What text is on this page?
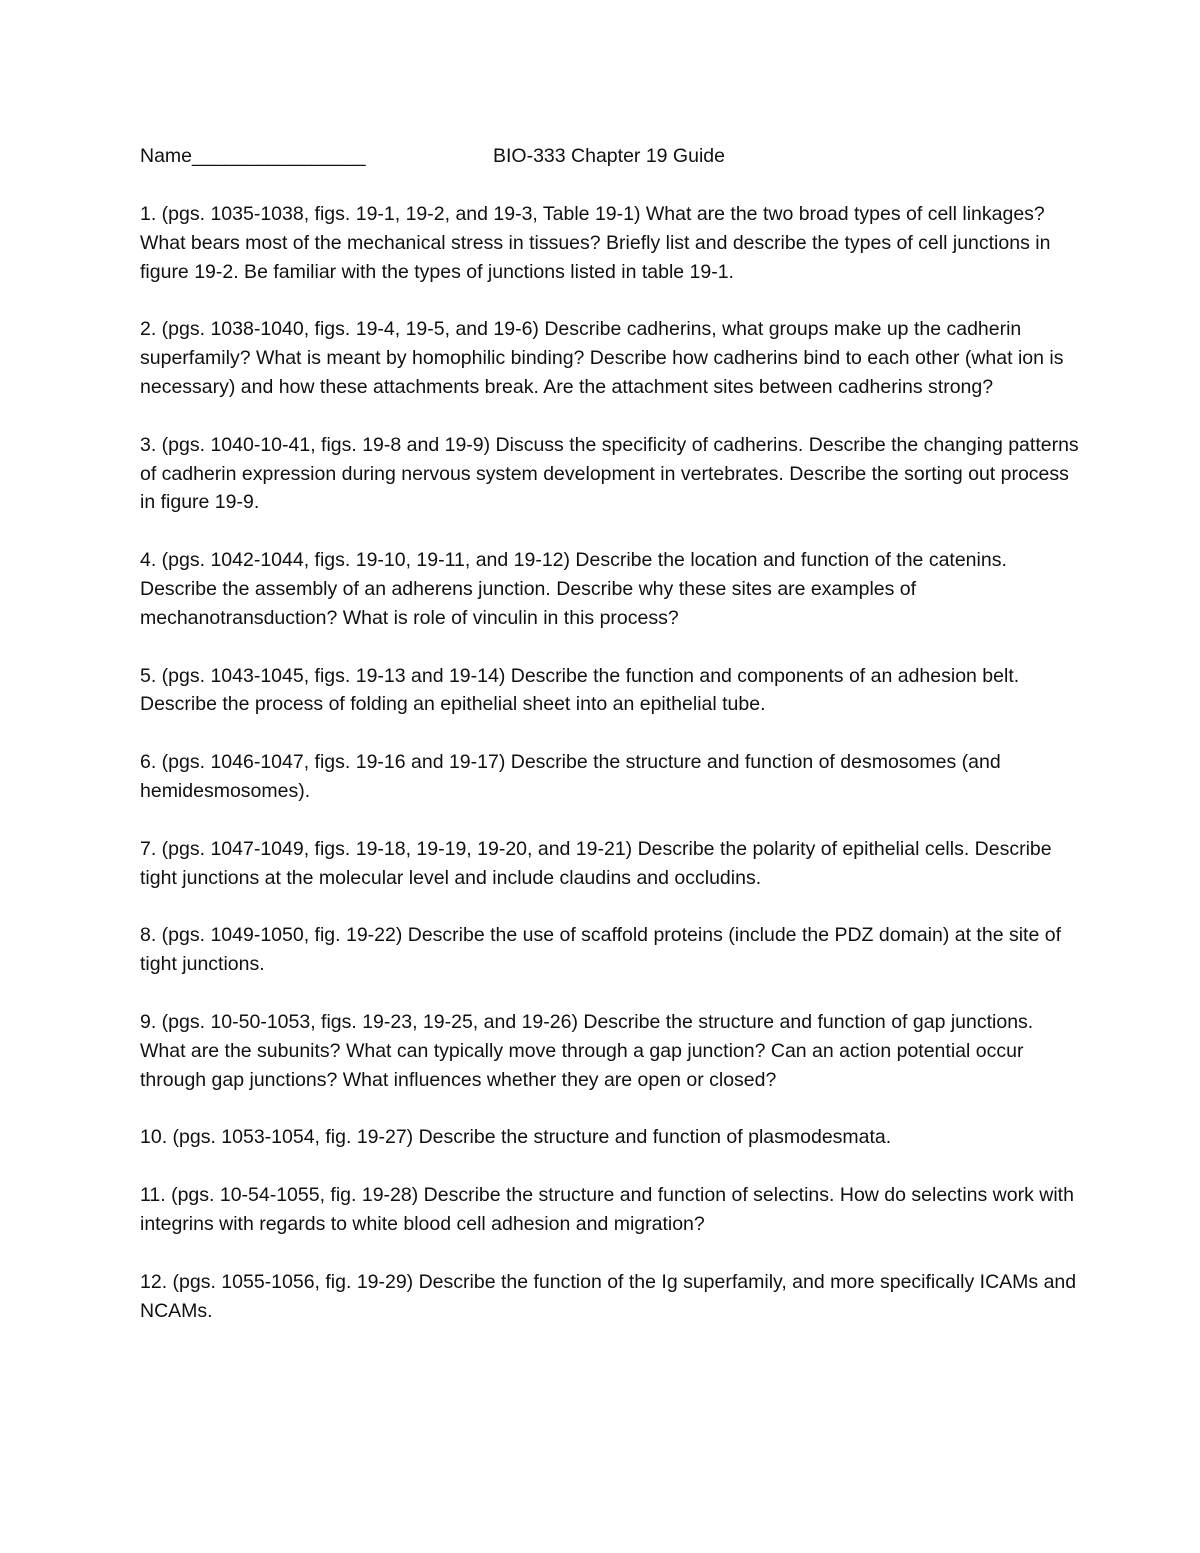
Name________________	BIO-333 Chapter 19 Guide
1. (pgs. 1035-1038, figs. 19-1, 19-2, and 19-3, Table 19-1) What are the two broad types of cell linkages? What bears most of the mechanical stress in tissues? Briefly list and describe the types of cell junctions in figure 19-2. Be familiar with the types of junctions listed in table 19-1.
2. (pgs. 1038-1040, figs. 19-4, 19-5, and 19-6) Describe cadherins, what groups make up the cadherin superfamily? What is meant by homophilic binding? Describe how cadherins bind to each other (what ion is necessary) and how these attachments break. Are the attachment sites between cadherins strong?
3. (pgs. 1040-10-41, figs. 19-8 and 19-9) Discuss the specificity of cadherins. Describe the changing patterns of cadherin expression during nervous system development in vertebrates. Describe the sorting out process in figure 19-9.
4. (pgs. 1042-1044, figs. 19-10, 19-11, and 19-12) Describe the location and function of the catenins. Describe the assembly of an adherens junction. Describe why these sites are examples of mechanotransduction? What is role of vinculin in this process?
5. (pgs. 1043-1045, figs. 19-13 and 19-14) Describe the function and components of an adhesion belt. Describe the process of folding an epithelial sheet into an epithelial tube.
6. (pgs. 1046-1047, figs. 19-16 and 19-17) Describe the structure and function of desmosomes (and hemidesmosomes).
7. (pgs. 1047-1049, figs. 19-18, 19-19, 19-20, and 19-21) Describe the polarity of epithelial cells. Describe tight junctions at the molecular level and include claudins and occludins.
8. (pgs. 1049-1050, fig. 19-22) Describe the use of scaffold proteins (include the PDZ domain) at the site of tight junctions.
9. (pgs. 10-50-1053, figs. 19-23, 19-25, and 19-26) Describe the structure and function of gap junctions. What are the subunits? What can typically move through a gap junction? Can an action potential occur through gap junctions? What influences whether they are open or closed?
10. (pgs. 1053-1054, fig. 19-27) Describe the structure and function of plasmodesmata.
11. (pgs. 10-54-1055, fig. 19-28) Describe the structure and function of selectins. How do selectins work with integrins with regards to white blood cell adhesion and migration?
12. (pgs. 1055-1056, fig. 19-29) Describe the function of the Ig superfamily, and more specifically ICAMs and NCAMs.
